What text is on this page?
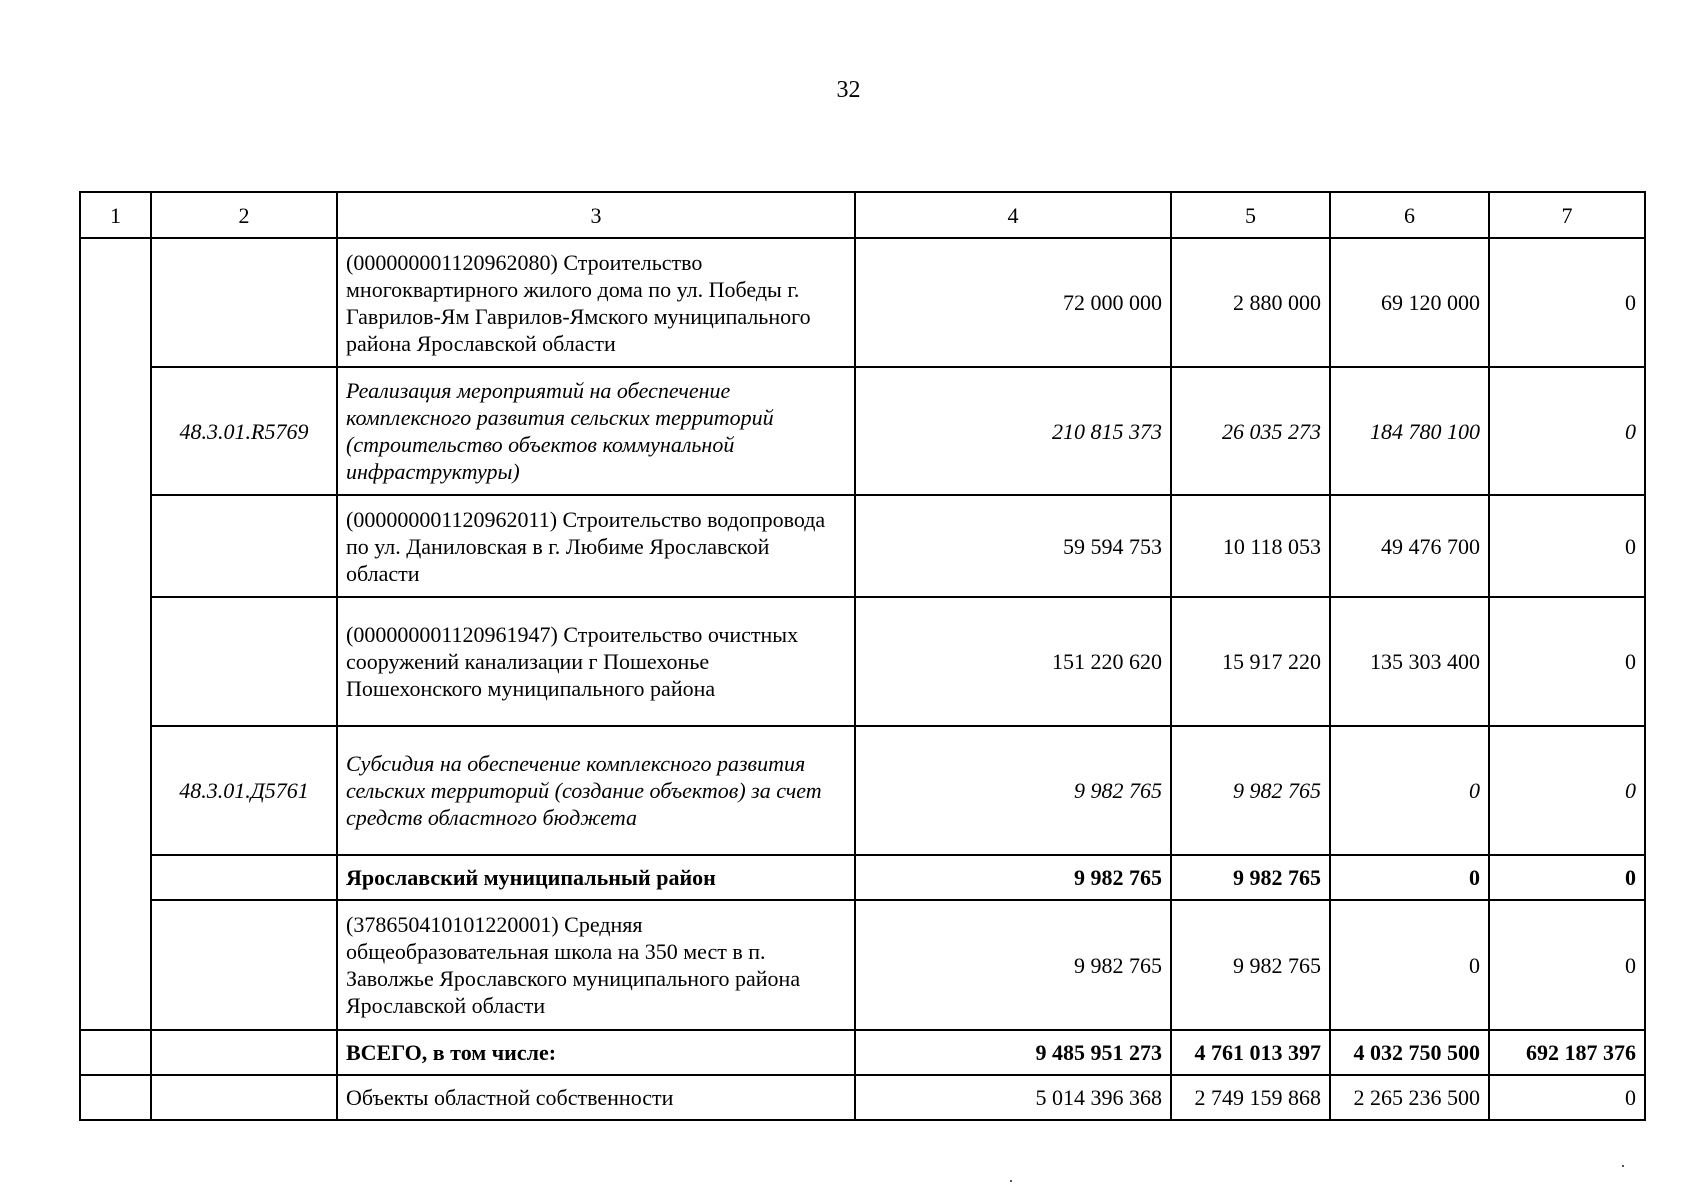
32
1	2	3	4	5	6	7
		(000000001120962080) Строительство многоквартирного жилого дома по ул. Победы г. Гаврилов-Ям Гаврилов-Ямского муниципального района Ярославской области	72 000 000	2 880 000	69 120 000	0
	48.3.01.R5769	Реализация мероприятий на обеспечение комплексного развития сельских территорий (строительство объектов коммунальной инфраструктуры)	210 815 373	26 035 273	184 780 100	0
		(000000001120962011) Строительство водопровода по ул. Даниловская в г. Любиме Ярославской области	59 594 753	10 118 053	49 476 700	0
		(000000001120961947) Строительство очистных сооружений канализации г Пошехонье Пошехонского муниципального района	151 220 620	15 917 220	135 303 400	0
	48.3.01.Д5761	Субсидия на обеспечение комплексного развития сельских территорий (создание объектов) за счет средств областного бюджета	9 982 765	9 982 765	0	0
		Ярославский муниципальный район	9 982 765	9 982 765	0	0
		(378650410101220001) Средняя общеобразовательная школа на 350 мест в п. Заволжье Ярославского муниципального района Ярославской области	9 982 765	9 982 765	0	0
		ВСЕГО, в том числе:	9 485 951 273	4 761 013 397	4 032 750 500	692 187 376
		Объекты областной собственности	5 014 396 368	2 749 159 868	2 265 236 500	0
